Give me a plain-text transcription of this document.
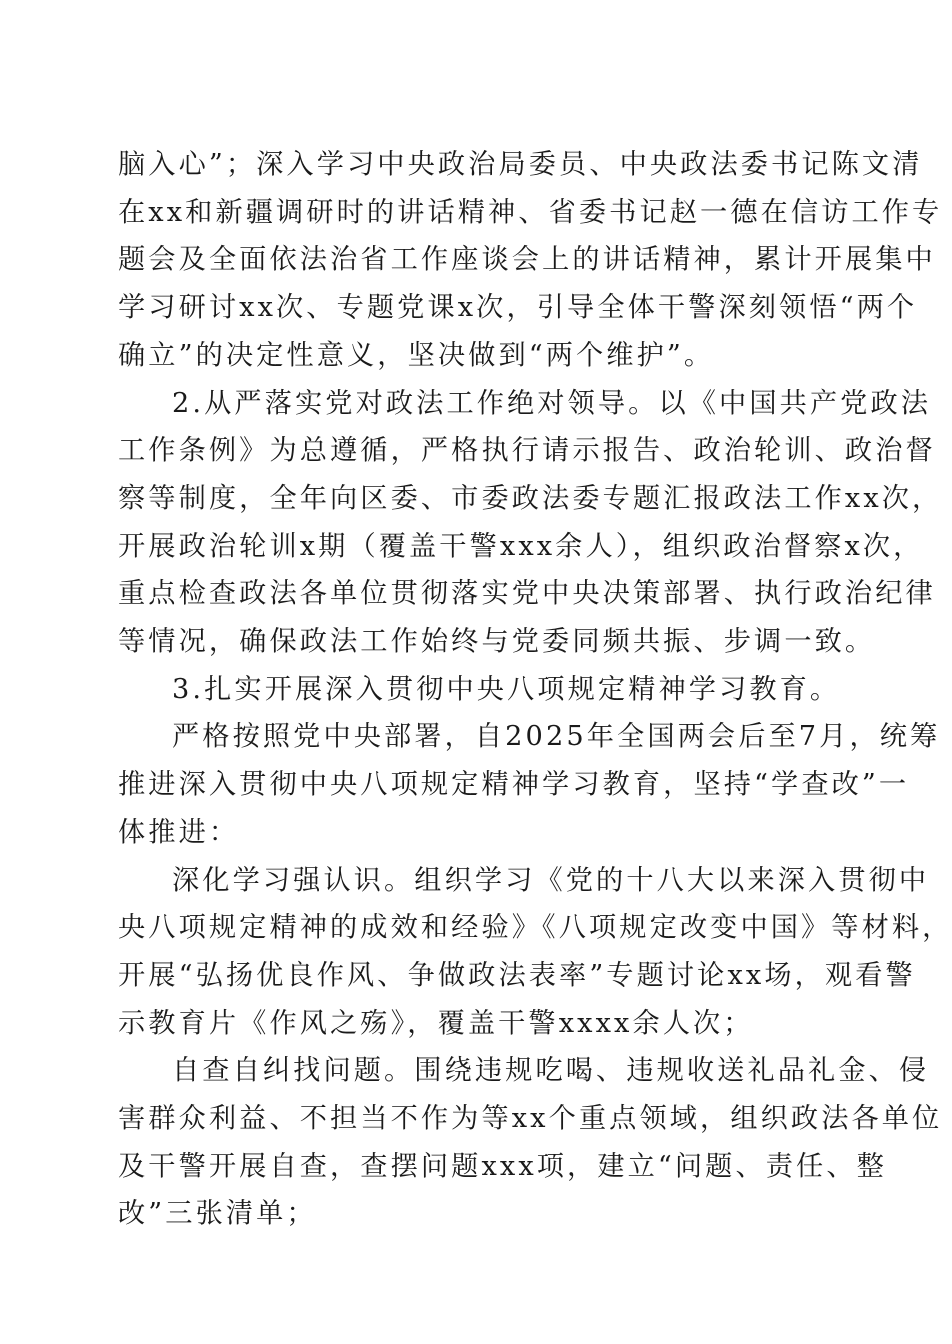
脑入心”；深入学习中央政治局委员、中央政法委书记陈文清
在xx和新疆调研时的讲话精神、省委书记赵一德在信访工作专
题会及全面依法治省工作座谈会上的讲话精神，累计开展集中
学习研讨xx次、专题党课x次，引导全体干警深刻领悟“两个
确立”的决定性意义，坚决做到“两个维护”。
2.从严落实党对政法工作绝对领导。以《中国共产党政法
工作条例》为总遵循，严格执行请示报告、政治轮训、政治督
察等制度，全年向区委、市委政法委专题汇报政法工作xx次，
开展政治轮训x期（覆盖干警xxx余人），组织政治督察x次，
重点检查政法各单位贯彻落实党中央决策部署、执行政治纪律
等情况，确保政法工作始终与党委同频共振、步调一致。
3.扎实开展深入贯彻中央八项规定精神学习教育。
严格按照党中央部署，自2025年全国两会后至7月，统筹
推进深入贯彻中央八项规定精神学习教育，坚持“学查改”一
体推进：
深化学习强认识。组织学习《党的十八大以来深入贯彻中
央八项规定精神的成效和经验》《八项规定改变中国》等材料，
开展“弘扬优良作风、争做政法表率”专题讨论xx场，观看警
示教育片《作风之殇》，覆盖干警xxxx余人次；
自查自纠找问题。围绕违规吃喝、违规收送礼品礼金、侵
害群众利益、不担当不作为等xx个重点领域，组织政法各单位
及干警开展自查，查摆问题xxx项，建立“问题、责任、整
改”三张清单；
